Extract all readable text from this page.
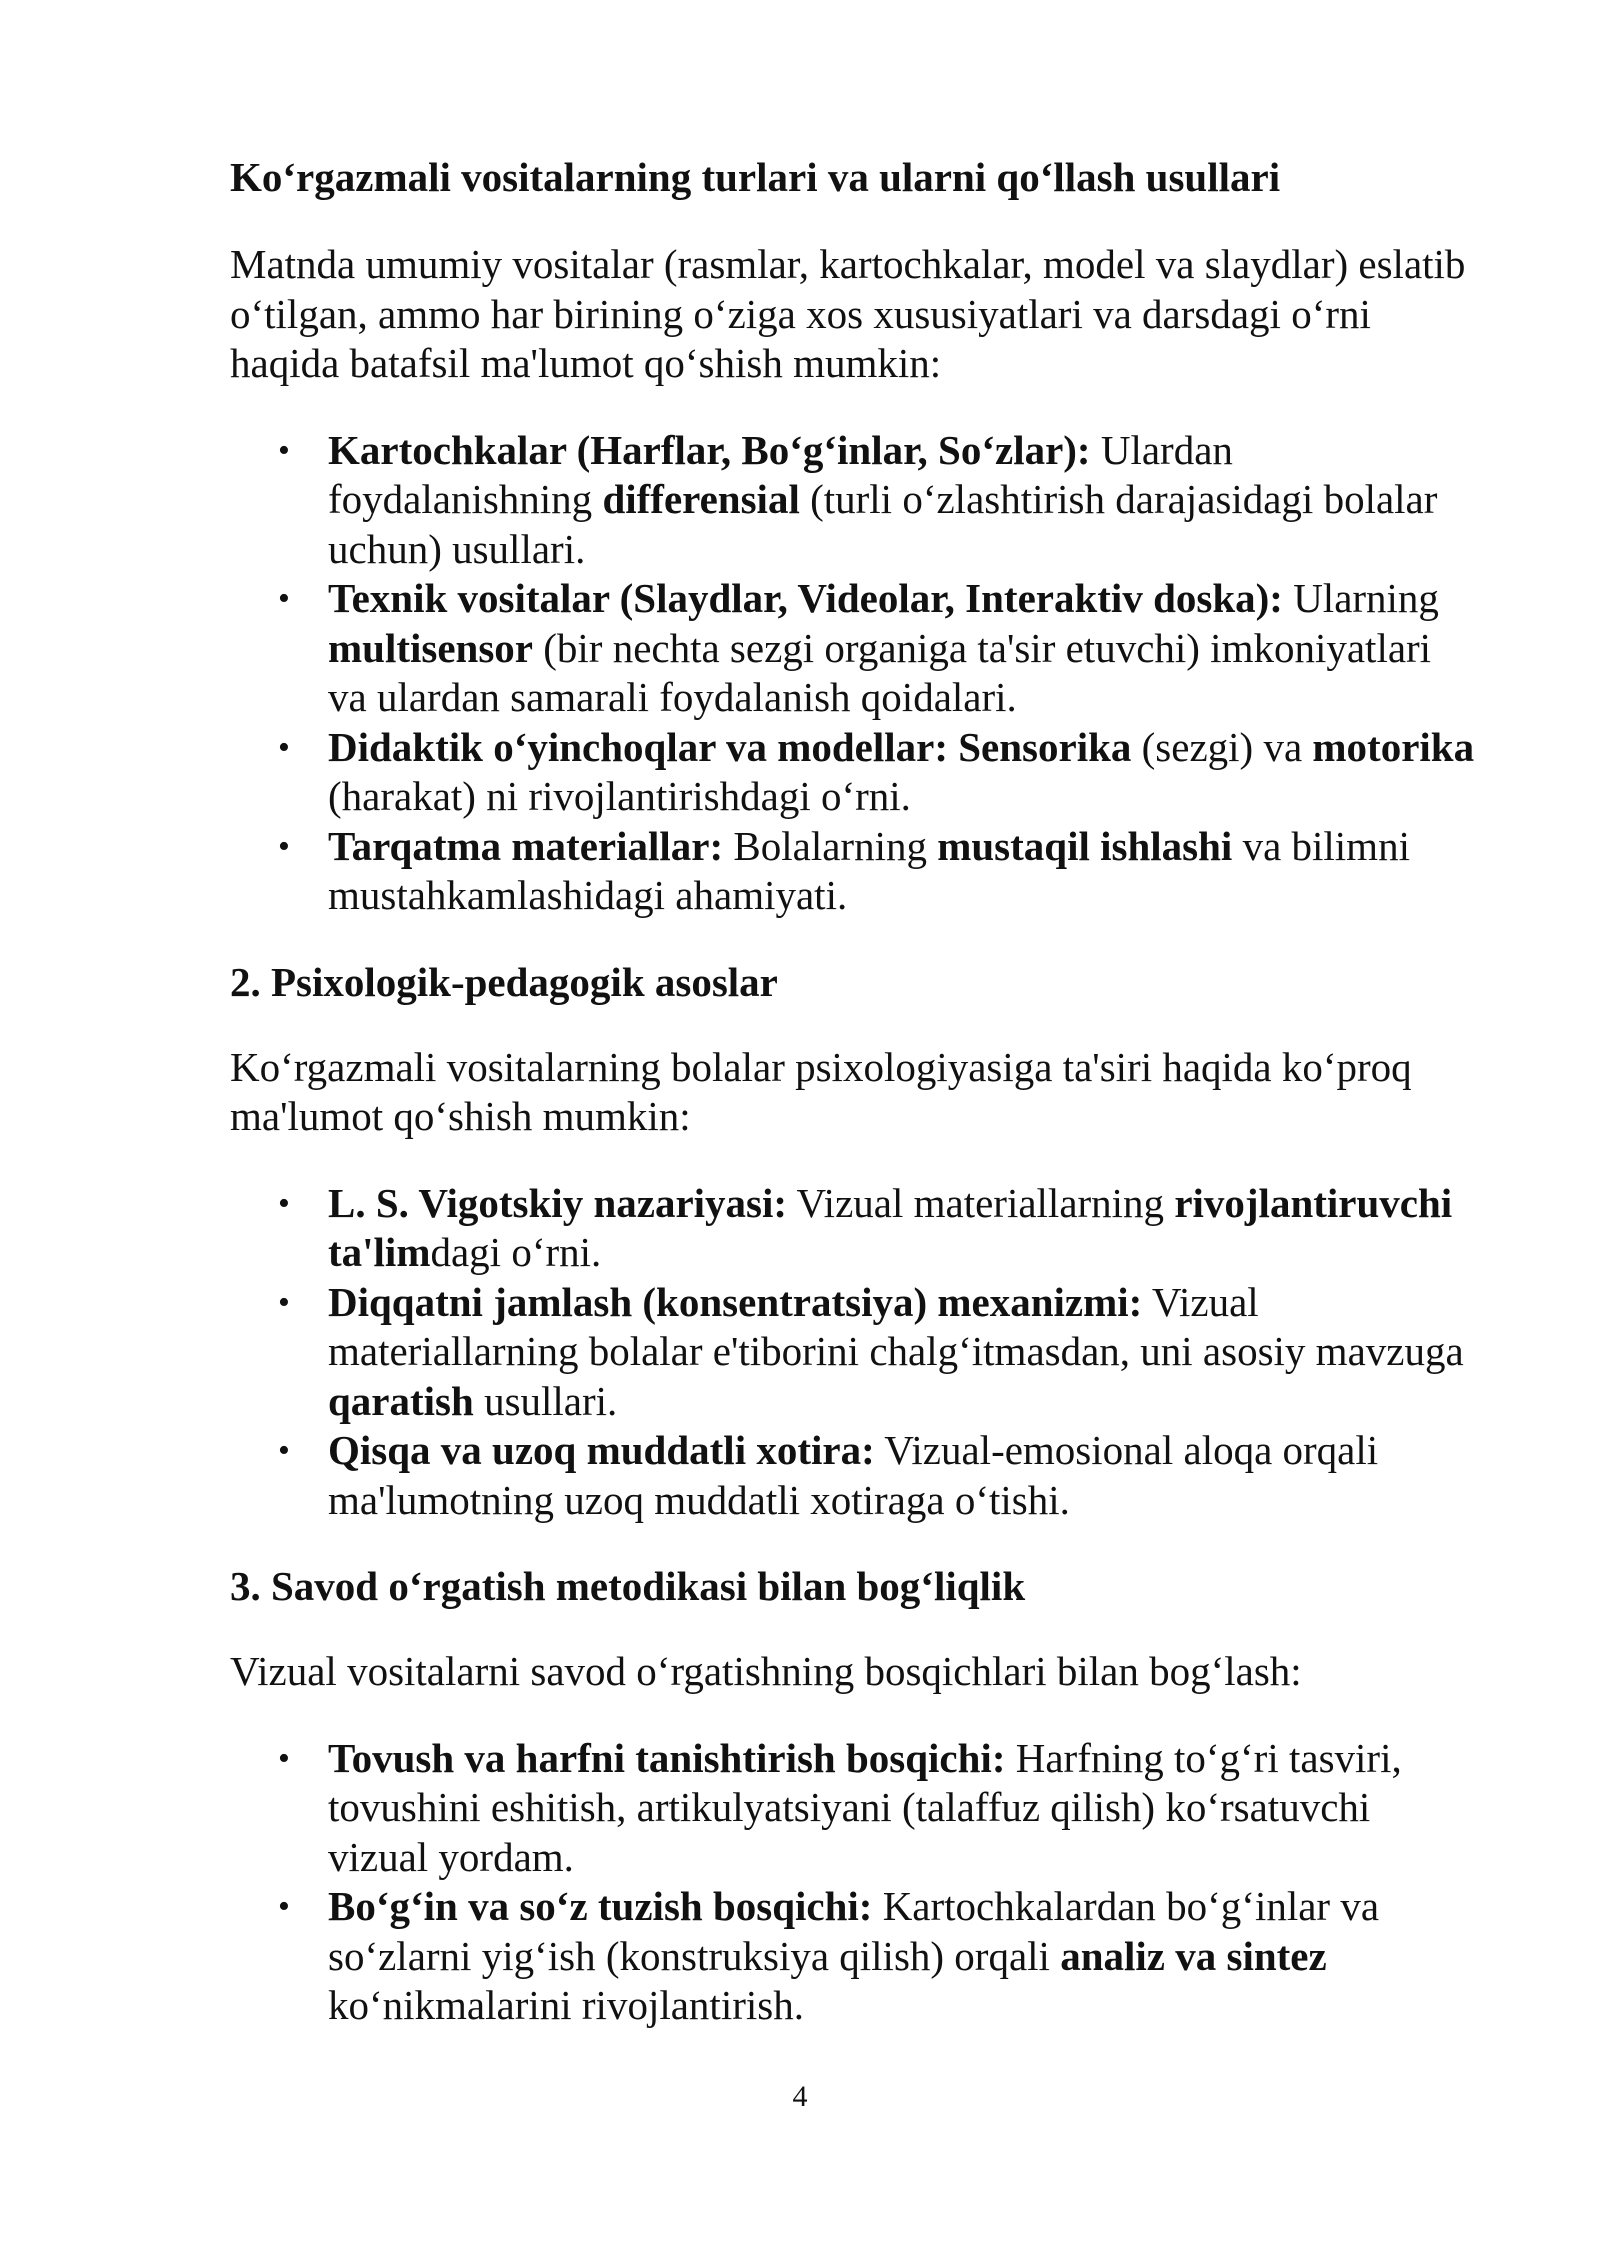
Koʻrgazmali vositalarning turlari va ularni qoʻllash usullari

Matnda umumiy vositalar (rasmlar, kartochkalar, model va slaydlar) eslatib oʻtilgan, ammo har birining oʻziga xos xususiyatlari va darsdagi oʻrni haqida batafsil ma'lumot qoʻshish mumkin:

• Kartochkalar (Harflar, Boʻgʻinlar, Soʻzlar): Ulardan foydalanishning differensial (turli oʻzlashtirish darajasidagi bolalar uchun) usullari.
• Texnik vositalar (Slaydlar, Videolar, Interaktiv doska): Ularning multisensor (bir nechta sezgi organiga ta'sir etuvchi) imkoniyatlari va ulardan samarali foydalanish qoidalari.
• Didaktik oʻyinchoqlar va modellar: Sensorika (sezgi) va motorika (harakat) ni rivojlantirishdagi oʻrni.
• Tarqatma materiallar: Bolalarning mustaqil ishlashi va bilimni mustahkamlashidagi ahamiyati.
2. Psixologik-pedagogik asoslar

Koʻrgazmali vositalarning bolalar psixologiyasiga ta'siri haqida koʻproq ma'lumot qoʻshish mumkin:

• L. S. Vigotskiy nazariyasi: Vizual materiallarning rivojlantiruvchi ta'limdagi oʻrni.
• Diqqatni jamlash (konsentratsiya) mexanizmi: Vizual materiallarning bolalar e'tiborini chalgʻitmasdan, uni asosiy mavzuga qaratish usullari.
• Qisqa va uzoq muddatli xotira: Vizual-emosional aloqa orqali ma'lumotning uzoq muddatli xotiraga oʻtishi.
3. Savod oʻrgatish metodikasi bilan bogʻliqlik

Vizual vositalarni savod oʻrgatishning bosqichlari bilan bogʻlash:

• Tovush va harfni tanishtirish bosqichi: Harfning toʻgʻri tasviri, tovushini eshitish, artikulyatsiyani (talaffuz qilish) koʻrsatuvchi vizual yordam.
• Boʻgʻin va soʻz tuzish bosqichi: Kartochkalardan boʻgʻinlar va soʻzlarni yigʻish (konstruksiya qilish) orqali analiz va sintez koʻnikmalarini rivojlantirish.
4
